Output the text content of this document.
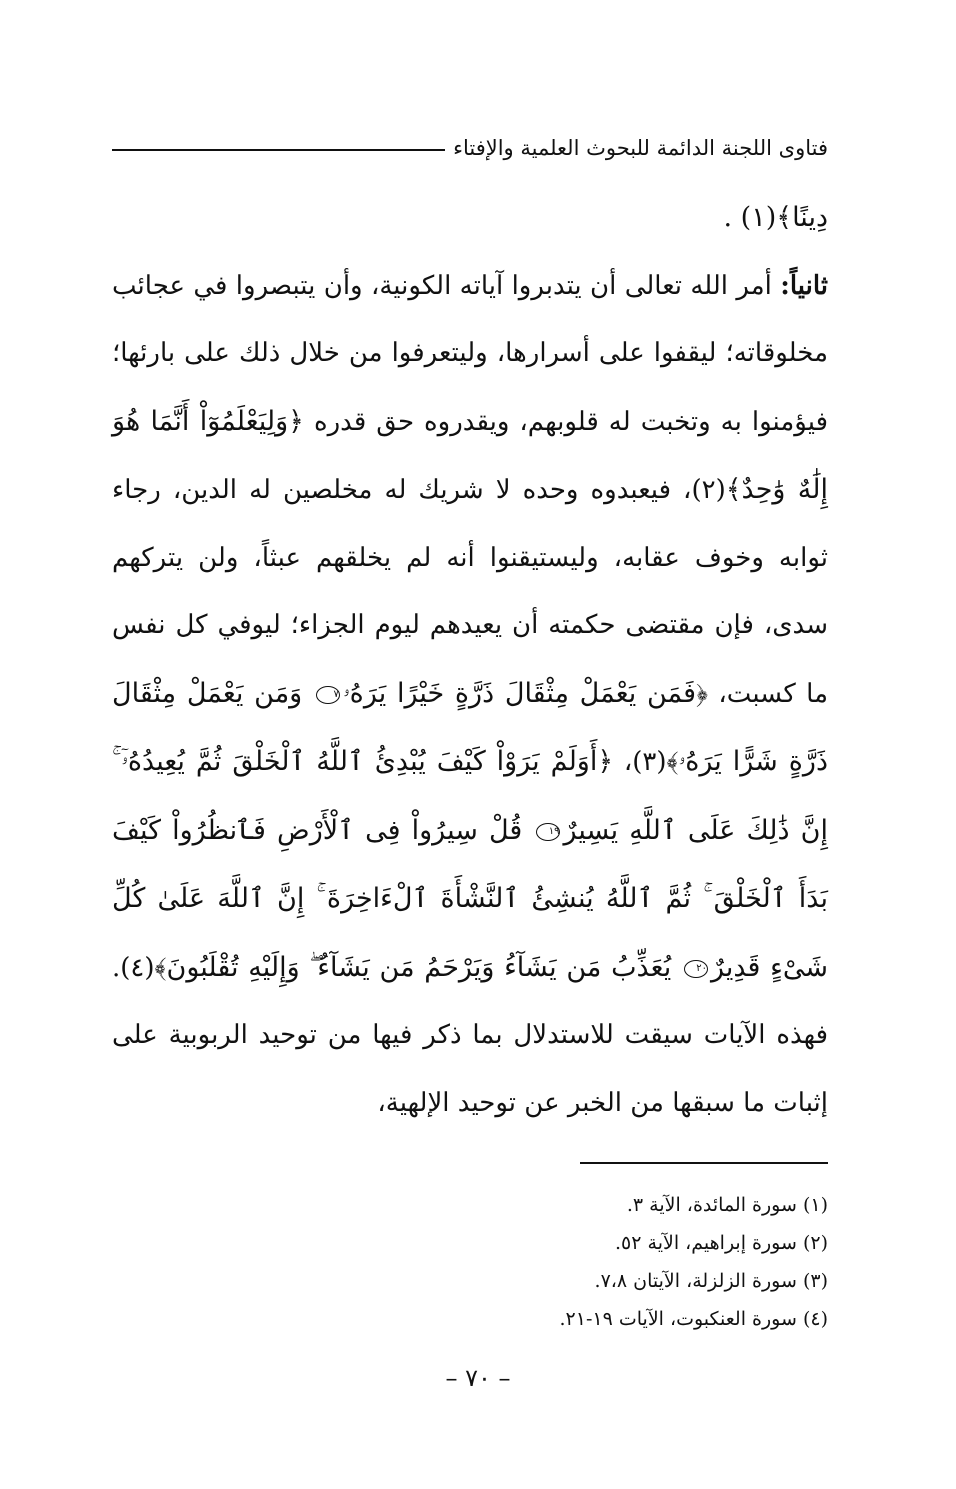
فتاوى اللجنة الدائمة للبحوث العلمية والإفتاء

دِينًا﴾(١) .

ثانياً: أمر الله تعالى أن يتدبروا آياته الكونية، وأن يتبصروا في عجائب مخلوقاته؛ ليقفوا على أسرارها، وليتعرفوا من خلال ذلك على بارئها؛ فيؤمنوا به وتخبت له قلوبهم، ويقدروه حق قدره ﴿وَلِيَعْلَمُوٓاْ أَنَّمَا هُوَ إِلَٰهٌ وَٰحِدٌ﴾(٢)، فيعبدوه وحده لا شريك له مخلصين له الدين، رجاء ثوابه وخوف عقابه، وليستيقنوا أنه لم يخلقهم عبثاً، ولن يتركهم سدى، فإن مقتضى حكمته أن يعيدهم ليوم الجزاء؛ ليوفي كل نفس ما كسبت، ﴿فَمَن يَعْمَلْ مِثْقَالَ ذَرَّةٍ خَيْرًا يَرَهُۥ٧ وَمَن يَعْمَلْ مِثْقَالَ ذَرَّةٍ شَرًّا يَرَهُۥ﴾(٣)، ﴿أَوَلَمْ يَرَوْاْ كَيْفَ يُبْدِئُ ٱللَّهُ ٱلْخَلْقَ ثُمَّ يُعِيدُهُۥٓ ۚ إِنَّ ذَٰلِكَ عَلَى ٱللَّهِ يَسِيرٌ١٩ قُلْ سِيرُواْ فِى ٱلْأَرْضِ فَٱنظُرُواْ كَيْفَ بَدَأَ ٱلْخَلْقَ ۚ ثُمَّ ٱللَّهُ يُنشِئُ ٱلنَّشْأَةَ ٱلْءَاخِرَةَ ۚ إِنَّ ٱللَّهَ عَلَىٰ كُلِّ شَىْءٍ قَدِيرٌ٢٠ يُعَذِّبُ مَن يَشَآءُ وَيَرْحَمُ مَن يَشَآءُ ۖ وَإِلَيْهِ تُقْلَبُونَ﴾(٤). فهذه الآيات سيقت للاستدلال بما ذكر فيها من توحيد الربوبية على إثبات ما سبقها من الخبر عن توحيد الإلهية،

(١) سورة المائدة، الآية ٣.
(٢) سورة إبراهيم، الآية ٥٢.
(٣) سورة الزلزلة، الآيتان ٧،٨.
(٤) سورة العنكبوت، الآيات ١٩-٢١.
– ٧٠ –
